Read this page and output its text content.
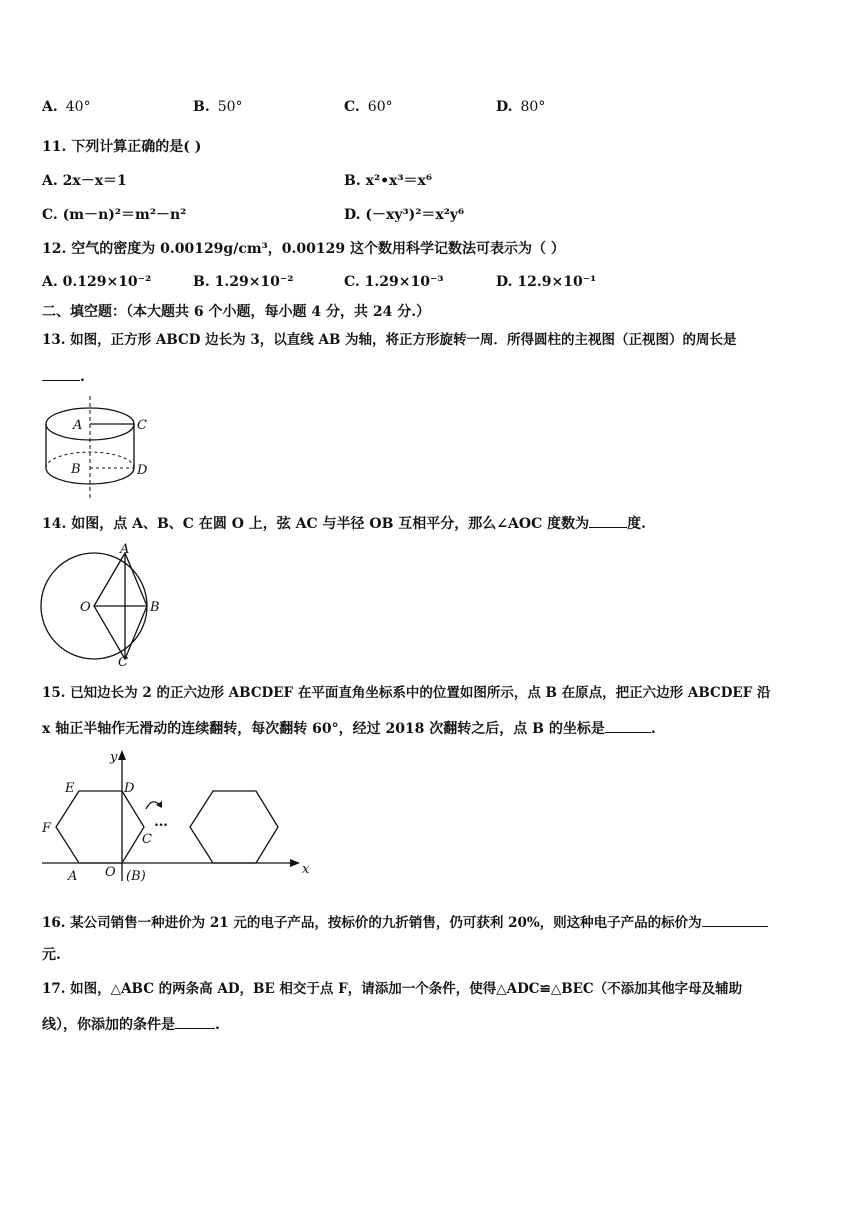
A. 40°	B. 50°	C. 60°	D. 80°
11. 下列计算正确的是( )
A. 2x－x＝1	B. x²•x³＝x⁶
C. (m－n)²＝m²－n²	D. (－xy³)²＝x²y⁶
12. 空气的密度为 0.00129g/cm³，0.00129 这个数用科学记数法可表示为（ ）
A. 0.129×10⁻²	B. 1.29×10⁻²	C. 1.29×10⁻³	D. 12.9×10⁻¹
二、填空题：（本大题共 6 个小题，每小题 4 分，共 24 分.）
13. 如图，正方形 ABCD 边长为 3，以直线 AB 为轴，将正方形旋转一周．所得圆柱的主视图（正视图）的周长是
.
A	C
B	D
14. 如图，点 A、B、C 在圆 O 上，弦 AC 与半径 OB 互相平分，那么∠AOC 度数为	度.
A
O	B
C
15. 已知边长为 2 的正六边形 ABCDEF 在平面直角坐标系中的位置如图所示，点 B 在原点，把正六边形 ABCDEF 沿
x 轴正半轴作无滑动的连续翻转，每次翻转 60°，经过 2018 次翻转之后，点 B 的坐标是	.
…
y
x
E	D
F
C
A O (B)
16. 某公司销售一种进价为 21 元的电子产品，按标价的九折销售，仍可获利 20%，则这种电子产品的标价为
元.
17. 如图，△ABC 的两条高 AD，BE 相交于点 F，请添加一个条件，使得△ADC≌△BEC（不添加其他字母及辅助
线），你添加的条件是	.
